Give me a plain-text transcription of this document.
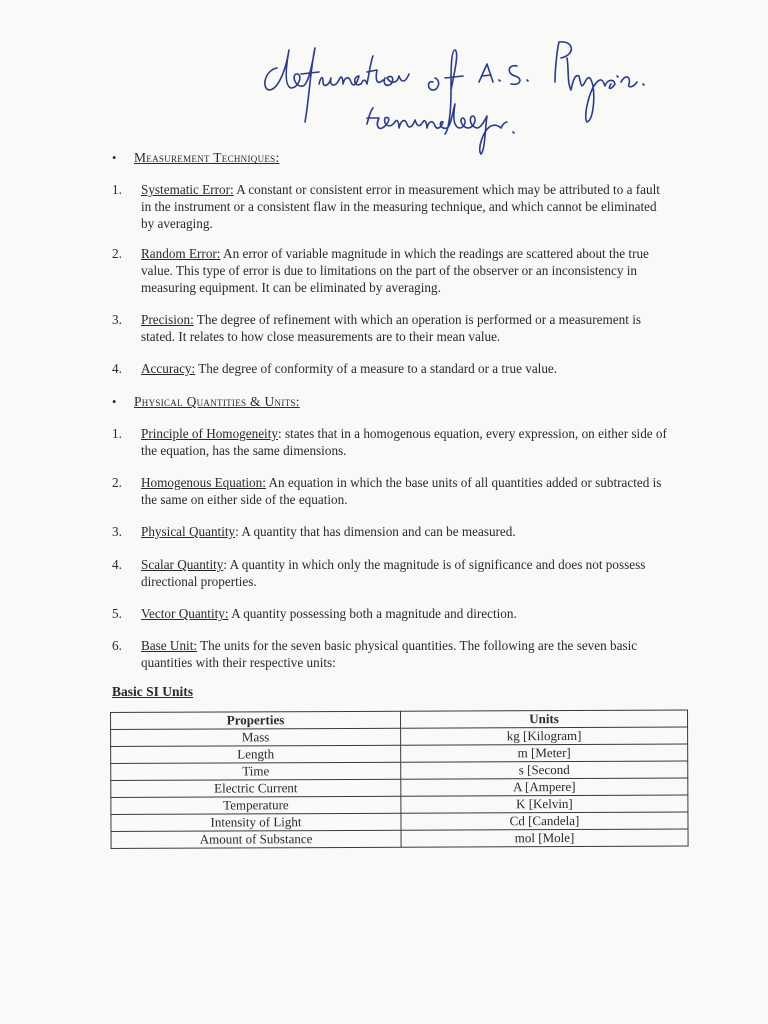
• Measurement Techniques:
1.	Systematic Error: A constant or consistent error in measurement which may be attributed to a fault in the instrument or a consistent flaw in the measuring technique, and which cannot be eliminated by averaging.
2.	Random Error: An error of variable magnitude in which the readings are scattered about the true value. This type of error is due to limitations on the part of the observer or an inconsistency in measuring equipment. It can be eliminated by averaging.
3.	Precision: The degree of refinement with which an operation is performed or a measurement is stated. It relates to how close measurements are to their mean value.
4.	Accuracy: The degree of conformity of a measure to a standard or a true value.
• Physical Quantities & Units:
1.	Principle of Homogeneity: states that in a homogenous equation, every expression, on either side of the equation, has the same dimensions.
2.	Homogenous Equation: An equation in which the base units of all quantities added or subtracted is the same on either side of the equation.
3.	Physical Quantity: A quantity that has dimension and can be measured.
4.	Scalar Quantity: A quantity in which only the magnitude is of significance and does not possess directional properties.
5.	Vector Quantity: A quantity possessing both a magnitude and direction.
6.	Base Unit: The units for the seven basic physical quantities. The following are the seven basic quantities with their respective units:
Basic SI Units
Properties	Units
Mass	kg [Kilogram]
Length	m [Meter]
Time	s [Second
Electric Current	A [Ampere]
Temperature	K [Kelvin]
Intensity of Light	Cd [Candela]
Amount of Substance	mol [Mole]
